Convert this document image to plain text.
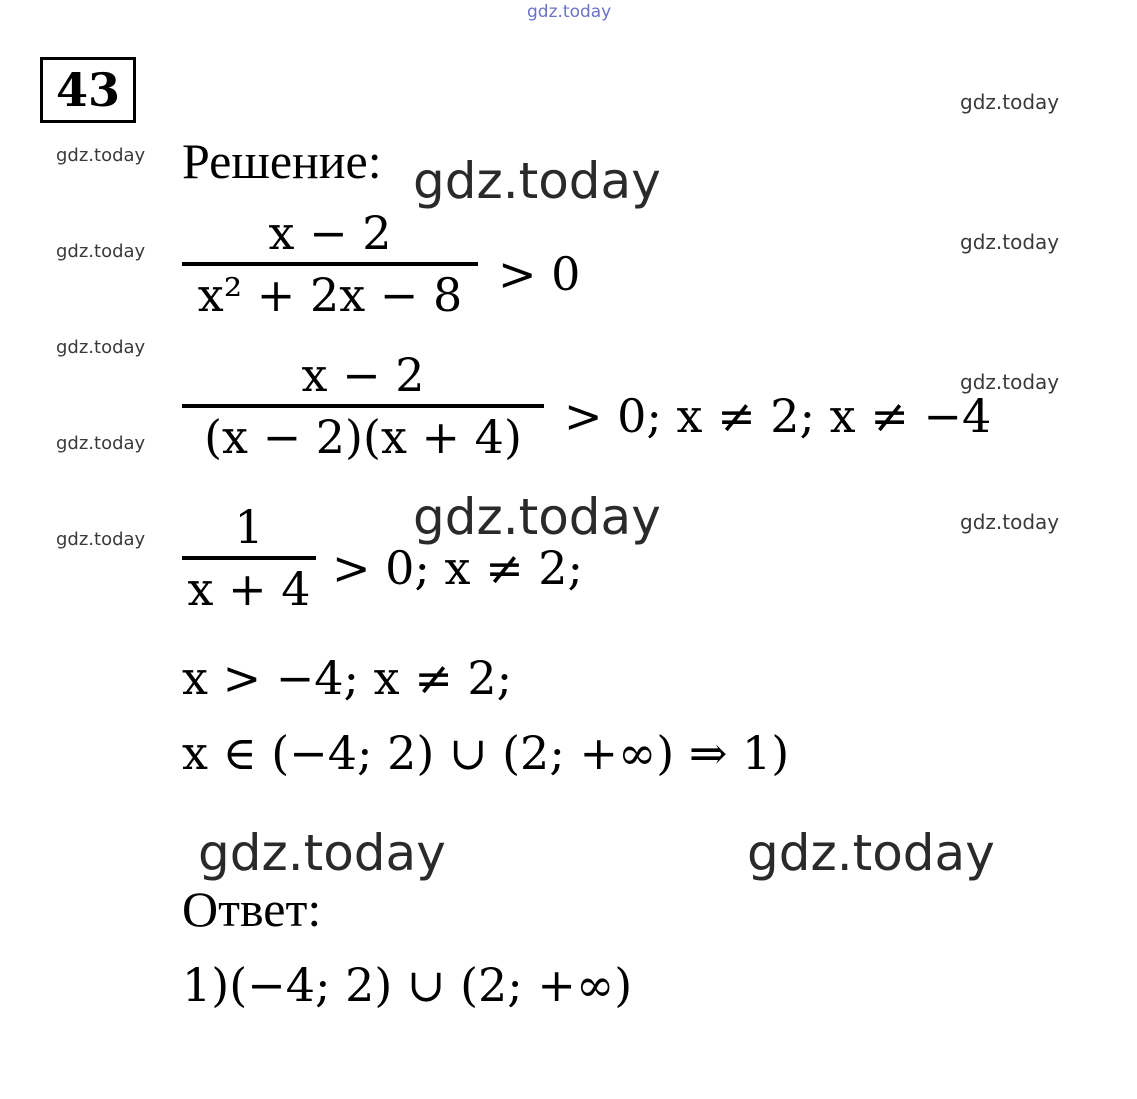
gdz.today
gdz.today
gdz.today
gdz.today
gdz.today
gdz.today
gdz.today
gdz.today
gdz.today
gdz.today
gdz.today
gdz.today
gdz.today	gdz.today
43
Решение:
x − 2
x² + 2x − 8 > 0
x − 2
(x − 2)(x + 4) > 0; x ≠ 2; x ≠ −4
1
x + 4 > 0; x ≠ 2;
x > −4; x ≠ 2;
x ∈ (−4; 2) ∪ (2; +∞) ⇒ 1)
Ответ:
1)(−4; 2) ∪ (2; +∞)
